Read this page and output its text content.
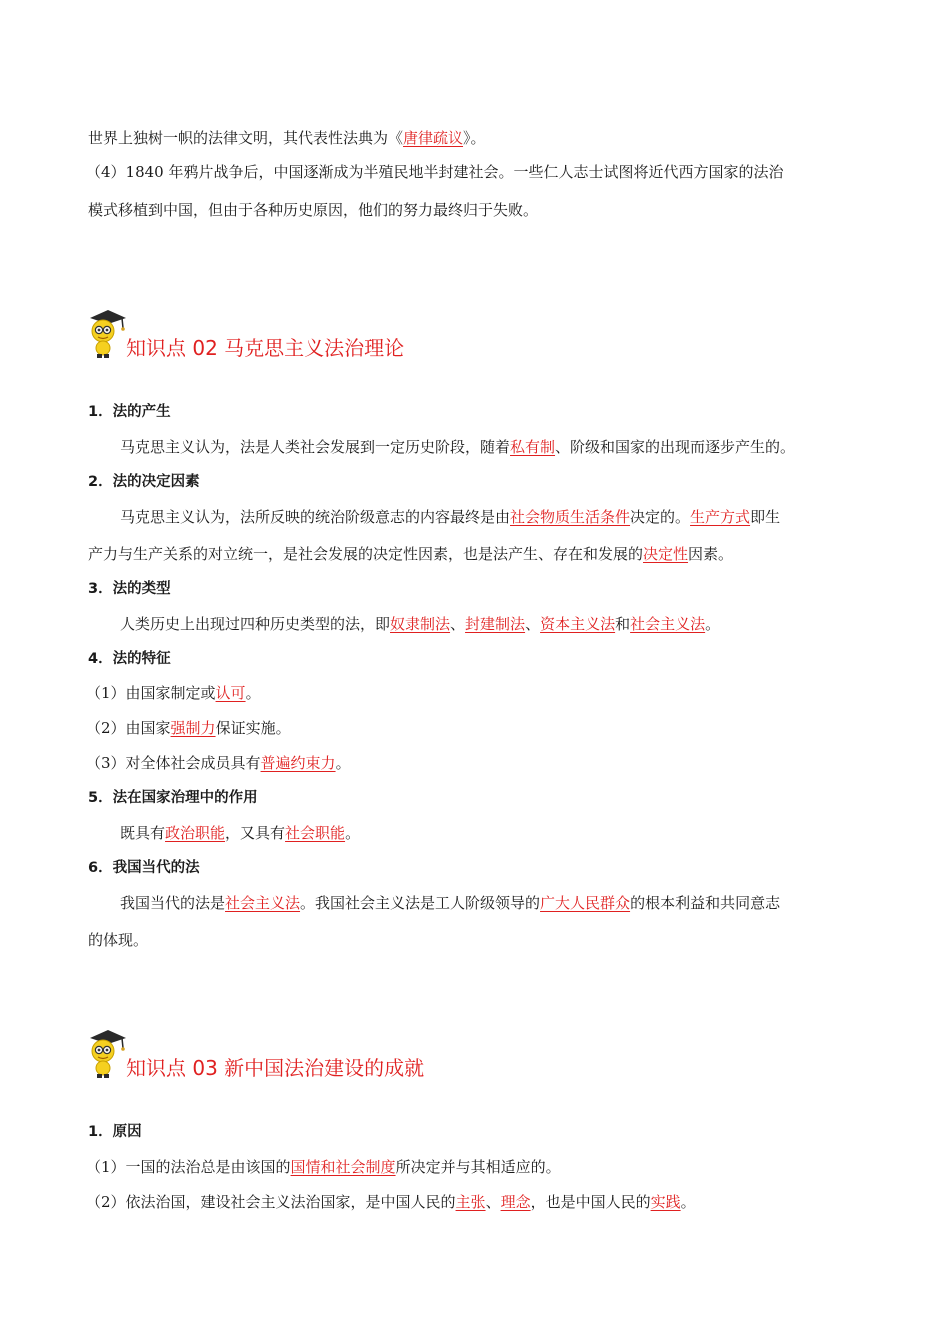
世界上独树一帜的法律文明，其代表性法典为《唐律疏议》。
（4）1840 年鸦片战争后，中国逐渐成为半殖民地半封建社会。一些仁人志士试图将近代西方国家的法治
模式移植到中国，但由于各种历史原因，他们的努力最终归于失败。
知识点 02 马克思主义法治理论
1．法的产生
马克思主义认为，法是人类社会发展到一定历史阶段，随着私有制、阶级和国家的出现而逐步产生的。
2．法的决定因素
马克思主义认为，法所反映的统治阶级意志的内容最终是由社会物质生活条件决定的。生产方式即生
产力与生产关系的对立统一，是社会发展的决定性因素，也是法产生、存在和发展的决定性因素。
3．法的类型
人类历史上出现过四种历史类型的法，即奴隶制法、封建制法、资本主义法和社会主义法。
4．法的特征
（1）由国家制定或认可。
（2）由国家强制力保证实施。
（3）对全体社会成员具有普遍约束力。
5．法在国家治理中的作用
既具有政治职能，又具有社会职能。
6．我国当代的法
我国当代的法是社会主义法。我国社会主义法是工人阶级领导的广大人民群众的根本利益和共同意志
的体现。
知识点 03 新中国法治建设的成就
1．原因
（1）一国的法治总是由该国的国情和社会制度所决定并与其相适应的。
（2）依法治国，建设社会主义法治国家，是中国人民的主张、理念，也是中国人民的实践。
